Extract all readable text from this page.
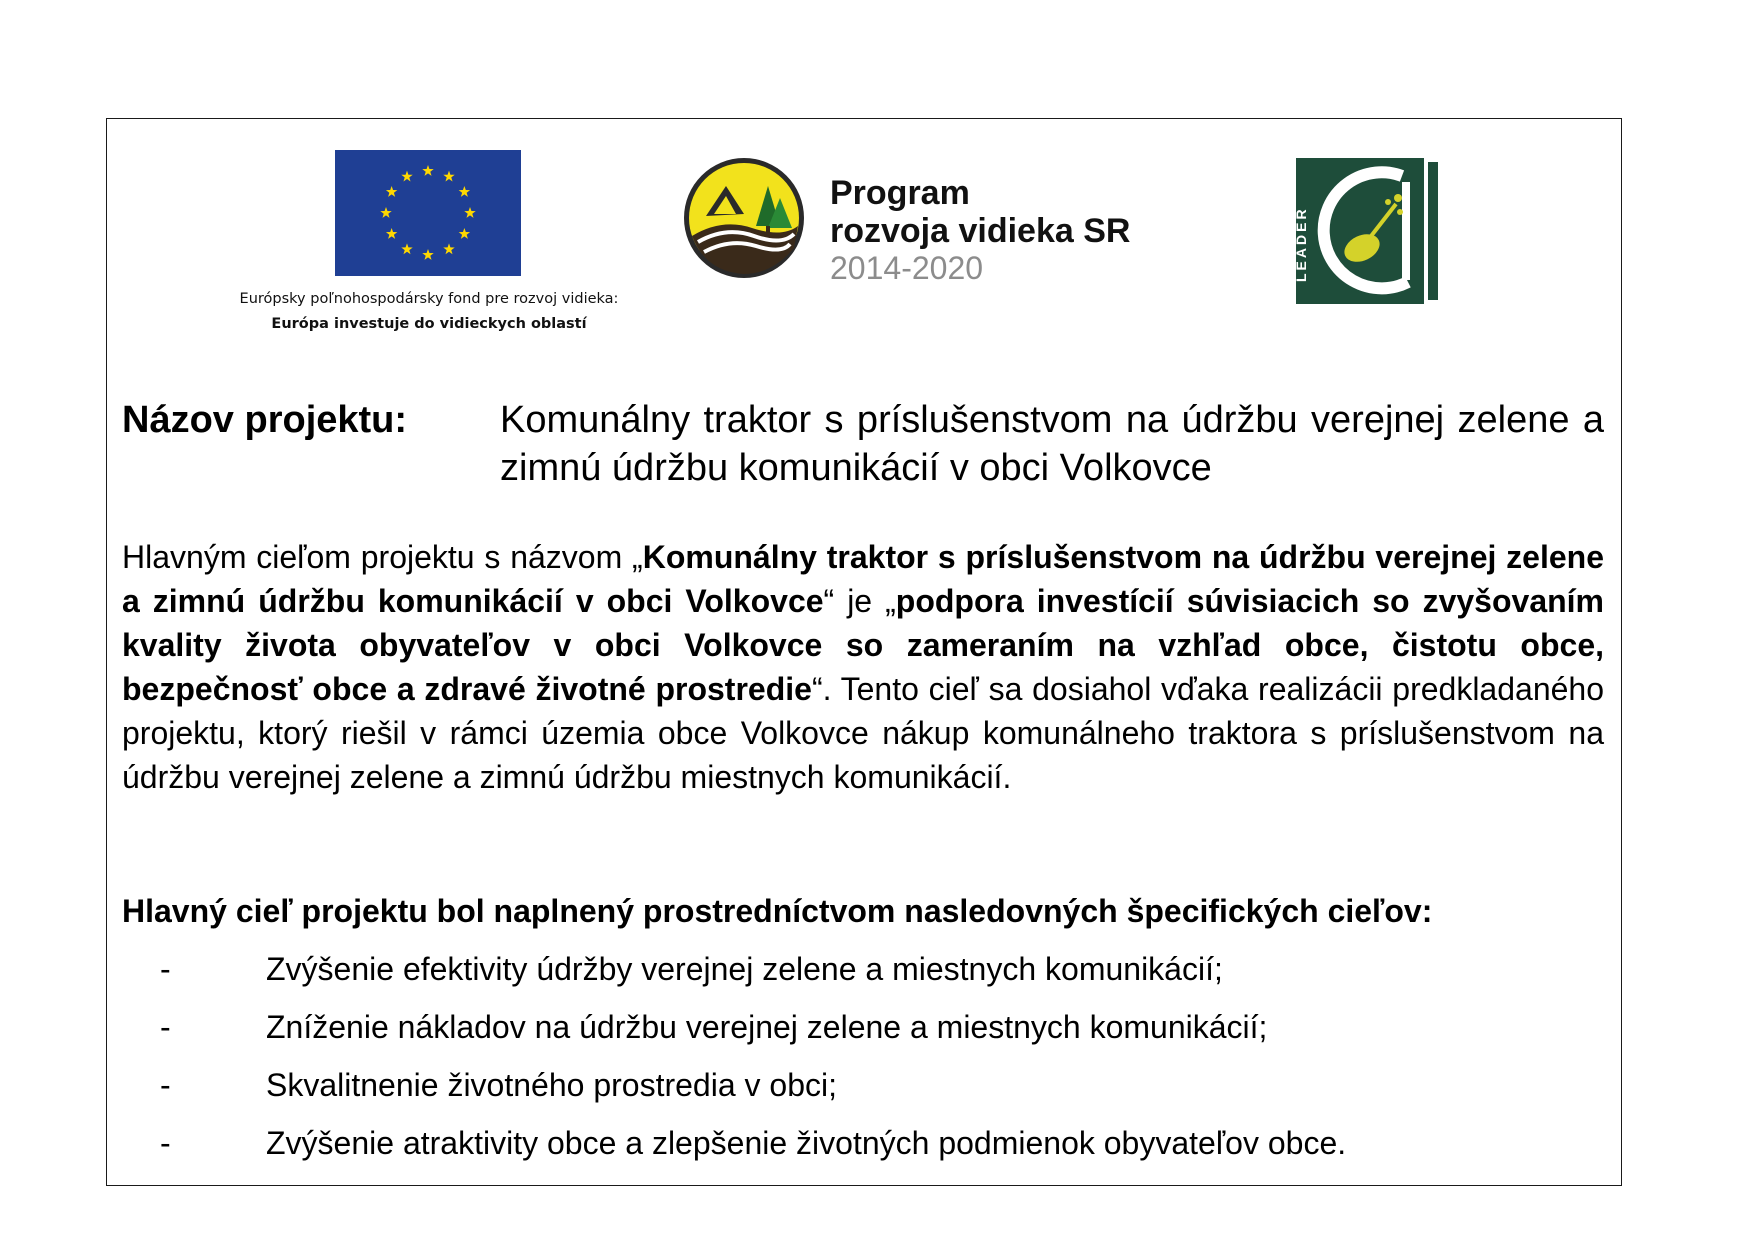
Európsky poľnohospodársky fond pre rozvoj vidieka:
Európa investuje do vidieckych oblastí
Program
rozvoja vidieka SR
2014-2020	LEADER
Názov projektu: Komunálny traktor s príslušenstvom na údržbu verejnej zelene a zimnú údržbu komunikácií v obci Volkovce

Hlavným cieľom projektu s názvom „Komunálny traktor s príslušenstvom na údržbu verejnej zelene a zimnú údržbu komunikácií v obci Volkovce“ je „podpora investícií súvisiacich so zvyšovaním kvality života obyvateľov v obci Volkovce so zameraním na vzhľad obce, čistotu obce, bezpečnosť obce a zdravé životné prostredie“. Tento cieľ sa dosiahol vďaka realizácii predkladaného projektu, ktorý riešil v rámci územia obce Volkovce nákup komunálneho traktora s príslušenstvom na údržbu verejnej zelene a zimnú údržbu miestnych komunikácií.

Hlavný cieľ projektu bol naplnený prostredníctvom nasledovných špecifických cieľov:

-	Zvýšenie efektivity údržby verejnej zelene a miestnych komunikácií;
-	Zníženie nákladov na údržbu verejnej zelene a miestnych komunikácií;
-	Skvalitnenie životného prostredia v obci;
-	Zvýšenie atraktivity obce a zlepšenie životných podmienok obyvateľov obce.
